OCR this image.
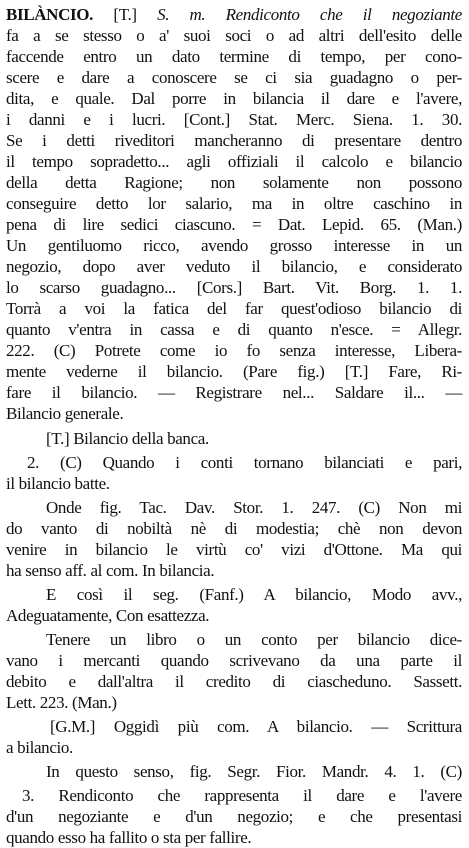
BILÀNCIO. [T.] S. m. Rendiconto che il negoziante
fa a se stesso o a' suoi soci o ad altri dell'esito delle
faccende entro un dato termine di tempo, per cono-
scere e dare a conoscere se ci sia guadagno o per-
dita, e quale. Dal porre in bilancia il dare e l'avere,
i danni e i lucri. [Cont.] Stat. Merc. Siena. 1. 30.
Se i detti riveditori mancheranno di presentare dentro
il tempo sopradetto... agli offiziali il calcolo e bilancio
della detta Ragione; non solamente non possono
conseguire detto lor salario, ma in oltre caschino in
pena di lire sedici ciascuno. = Dat. Lepid. 65. (Man.)
Un gentiluomo ricco, avendo grosso interesse in un
negozio, dopo aver veduto il bilancio, e considerato
lo scarso guadagno... [Cors.] Bart. Vit. Borg. 1. 1.
Torrà a voi la fatica del far quest'odioso bilancio di
quanto v'entra in cassa e di quanto n'esce. = Allegr.
222. (C) Potrete come io fo senza interesse, Libera-
mente vederne il bilancio. (Pare fig.) [T.] Fare, Ri-
fare il bilancio. — Registrare nel... Saldare il... —
Bilancio generale.
[T.] Bilancio della banca.
2. (C) Quando i conti tornano bilanciati e pari,
il bilancio batte.
Onde fig. Tac. Dav. Stor. 1. 247. (C) Non mi
do vanto di nobiltà nè di modestia; chè non devon
venire in bilancio le virtù co' vizi d'Ottone. Ma qui
ha senso aff. al com. In bilancia.
E così il seg. (Fanf.) A bilancio, Modo avv.,
Adeguatamente, Con esattezza.
Tenere un libro o un conto per bilancio dice-
vano i mercanti quando scrivevano da una parte il
debito e dall'altra il credito di ciascheduno. Sassett.
Lett. 223. (Man.)
[G.M.] Oggidì più com. A bilancio. — Scrittura
a bilancio.
In questo senso, fig. Segr. Fior. Mandr. 4. 1. (C)
3. Rendiconto che rappresenta il dare e l'avere
d'un negoziante e d'un negozio; e che presentasi
quando esso ha fallito o sta per fallire.
